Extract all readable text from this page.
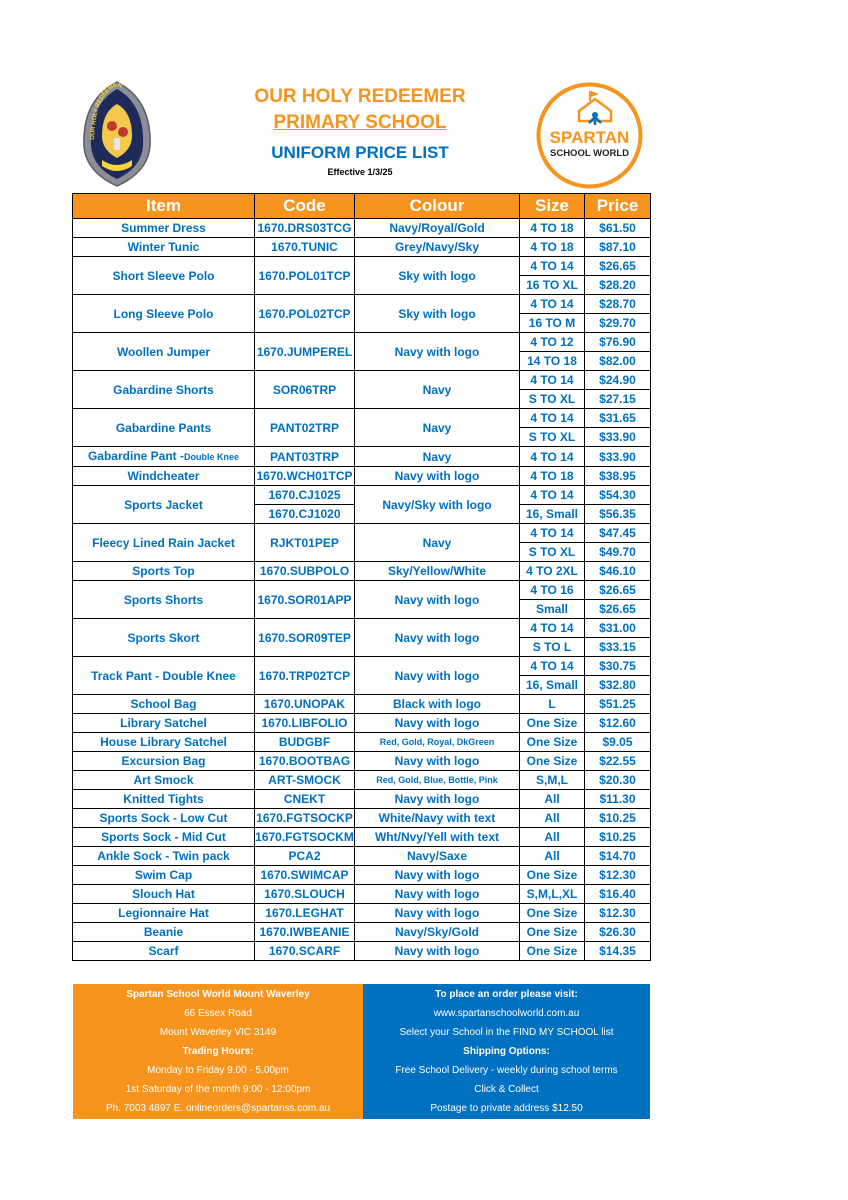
OUR HOLY REDEEMER	OUR HOLY REDEEMER
PRIMARY SCHOOL
UNIFORM PRICE LIST
Effective 1/3/25
SPARTAN
SCHOOL WORLD
Item	Code	Colour	Size	Price
Summer Dress	1670.DRS03TCG	Navy/Royal/Gold	4 TO 18	$61.50
Winter Tunic	1670.TUNIC	Grey/Navy/Sky	4 TO 18	$87.10
Short Sleeve Polo	1670.POL01TCP	Sky with logo	4 TO 14	$26.65
			16 TO XL	$28.20
Long Sleeve Polo	1670.POL02TCP	Sky with logo	4 TO 14	$28.70
			16 TO M	$29.70
Woollen Jumper	1670.JUMPEREL	Navy with logo	4 TO 12	$76.90
			14 TO 18	$82.00
Gabardine Shorts	SOR06TRP	Navy	4 TO 14	$24.90
			S TO XL	$27.15
Gabardine Pants	PANT02TRP	Navy	4 TO 14	$31.65
			S TO XL	$33.90
Gabardine Pant -Double Knee	PANT03TRP	Navy	4 TO 14	$33.90
Windcheater	1670.WCH01TCP	Navy with logo	4 TO 18	$38.95
Sports Jacket	1670.CJ1025	Navy/Sky with logo	4 TO 14	$54.30
	1670.CJ1020		16, Small	$56.35
Fleecy Lined Rain Jacket	RJKT01PEP	Navy	4 TO 14	$47.45
			S TO XL	$49.70
Sports Top	1670.SUBPOLO	Sky/Yellow/White	4 TO 2XL	$46.10
Sports Shorts	1670.SOR01APP	Navy with logo	4 TO 16	$26.65
			Small	$26.65
Sports Skort	1670.SOR09TEP	Navy with logo	4 TO 14	$31.00
			S TO L	$33.15
Track Pant - Double Knee	1670.TRP02TCP	Navy with logo	4 TO 14	$30.75
			16, Small	$32.80
School Bag	1670.UNOPAK	Black with logo	L	$51.25
Library Satchel	1670.LIBFOLIO	Navy with logo	One Size	$12.60
House Library Satchel	BUDGBF	Red, Gold, Royal, DkGreen	One Size	$9.05
Excursion Bag	1670.BOOTBAG	Navy with logo	One Size	$22.55
Art Smock	ART-SMOCK	Red, Gold, Blue, Bottle, Pink	S,M,L	$20.30
Knitted Tights	CNEKT	Navy with logo	All	$11.30
Sports Sock - Low Cut	1670.FGTSOCKP	White/Navy with text	All	$10.25
Sports Sock - Mid Cut	1670.FGTSOCKM	Wht/Nvy/Yell with text	All	$10.25
Ankle Sock - Twin pack	PCA2	Navy/Saxe	All	$14.70
Swim Cap	1670.SWIMCAP	Navy with logo	One Size	$12.30
Slouch Hat	1670.SLOUCH	Navy with logo	S,M,L,XL	$16.40
Legionnaire Hat	1670.LEGHAT	Navy with logo	One Size	$12.30
Beanie	1670.IWBEANIE	Navy/Sky/Gold	One Size	$26.30
Scarf	1670.SCARF	Navy with logo	One Size	$14.35
Spartan School World Mount Waverley
66 Essex Road
Mount Waverley VIC 3149
Trading Hours:
Monday to Friday 9.00 - 5.00pm
1st Saturday of the month 9:00 - 12:00pm
Ph. 7003 4897 E. onlineorders@spartanss.com.au
To place an order please visit:
www.spartanschoolworld.com.au
Select your School in the FIND MY SCHOOL list
Shipping Options:
Free School Delivery - weekly during school terms
Click & Collect
Postage to private address $12.50
